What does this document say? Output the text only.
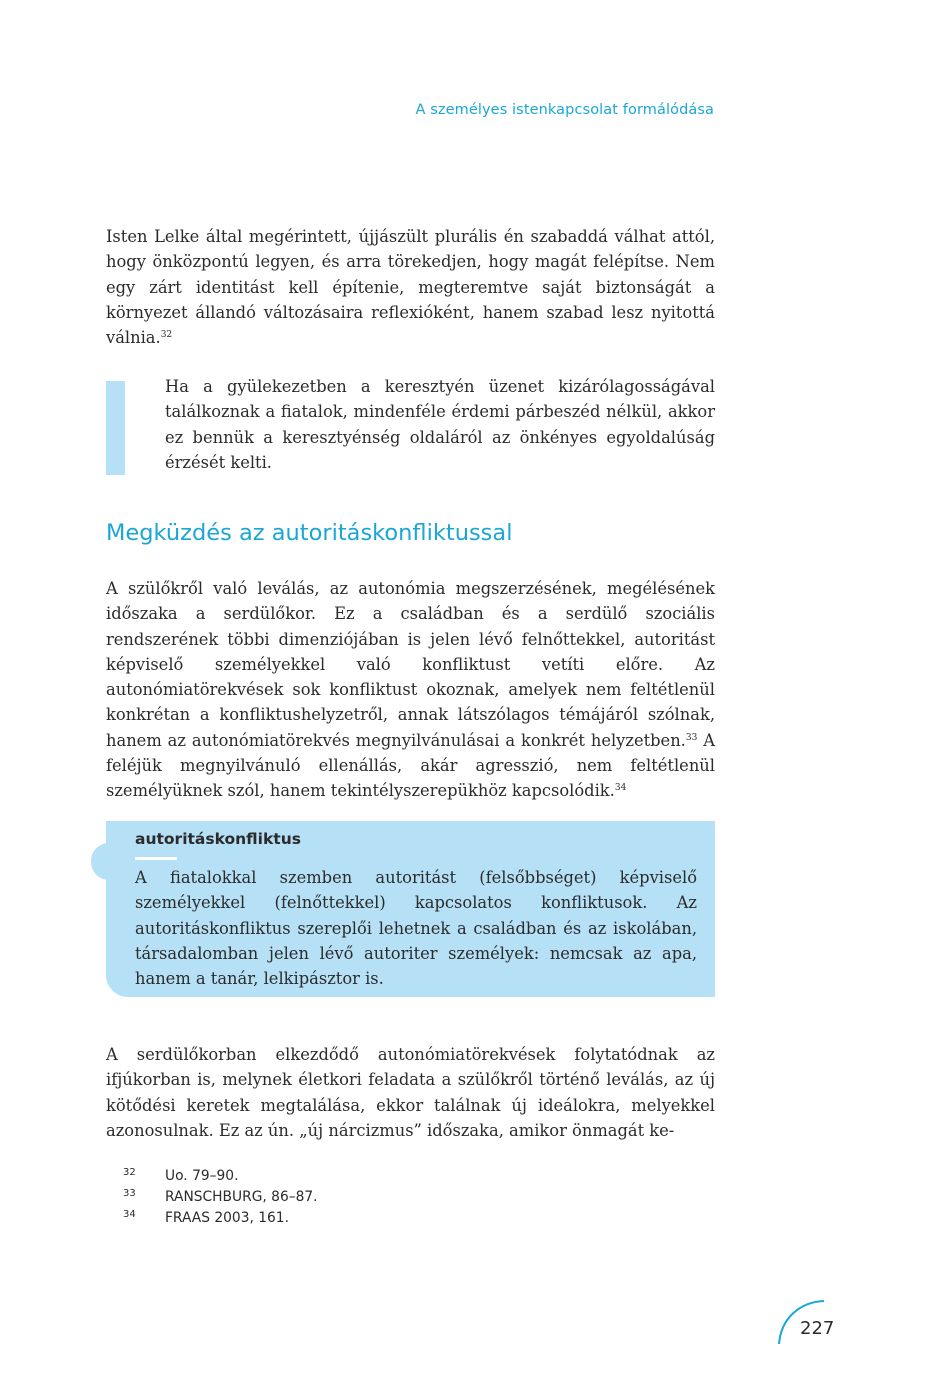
A személyes istenkapcsolat formálódása

Isten Lelke által megérintett, újjászült plurális én szabaddá válhat attól, hogy önközpontú legyen, és arra törekedjen, hogy magát felépítse. Nem egy zárt identitást kell építenie, megteremtve saját biztonságát a környezet állandó változásaira reflexióként, hanem szabad lesz nyitottá válnia.$^{32}$

Ha a gyülekezetben a keresztyén üzenet kizárólagosságával találkoznak a fiatalok, mindenféle érdemi párbeszéd nélkül, akkor ez bennük a keresztyénség oldaláról az önkényes egyoldalúság érzését kelti.

Megküzdés az autoritáskonfliktussal

A szülőkről való leválás, az autonómia megszerzésének, megélésének időszaka a serdülőkor. Ez a családban és a serdülő szociális rendszerének többi dimenziójában is jelen lévő felnőttekkel, autoritást képviselő személyekkel való konfliktust vetíti előre. Az autonómiatörekvések sok konfliktust okoznak, amelyek nem feltétlenül konkrétan a konfliktushelyzetről, annak látszólagos témájáról szólnak, hanem az autonómiatörekvés megnyilvánulásai a konkrét helyzetben.$^{33}$ A feléjük megnyilvánuló ellenállás, akár agresszió, nem feltétlenül személyüknek szól, hanem tekintélyszerepükhöz kapcsolódik.$^{34}$

autoritáskonfliktus

A fiatalokkal szemben autoritást (felsőbbséget) képviselő személyekkel (felnőttekkel) kapcsolatos konfliktusok. Az autoritáskonfliktus szereplői lehetnek a családban és az iskolában, társadalomban jelen lévő autoriter személyek: nemcsak az apa, hanem a tanár, lelkipásztor is.

A serdülőkorban elkezdődő autonómiatörekvések folytatódnak az ifjúkorban is, melynek életkori feladata a szülőkről történő leválás, az új kötődési keretek megtalálása, ekkor találnak új ideálokra, melyekkel azonosulnak. Ez az ún. „új nárcizmus” időszaka, amikor önmagát ke-

32	Uo. 79–90.
33	RANSCHBURG, 86–87.
34	FRAAS 2003, 161.
227
